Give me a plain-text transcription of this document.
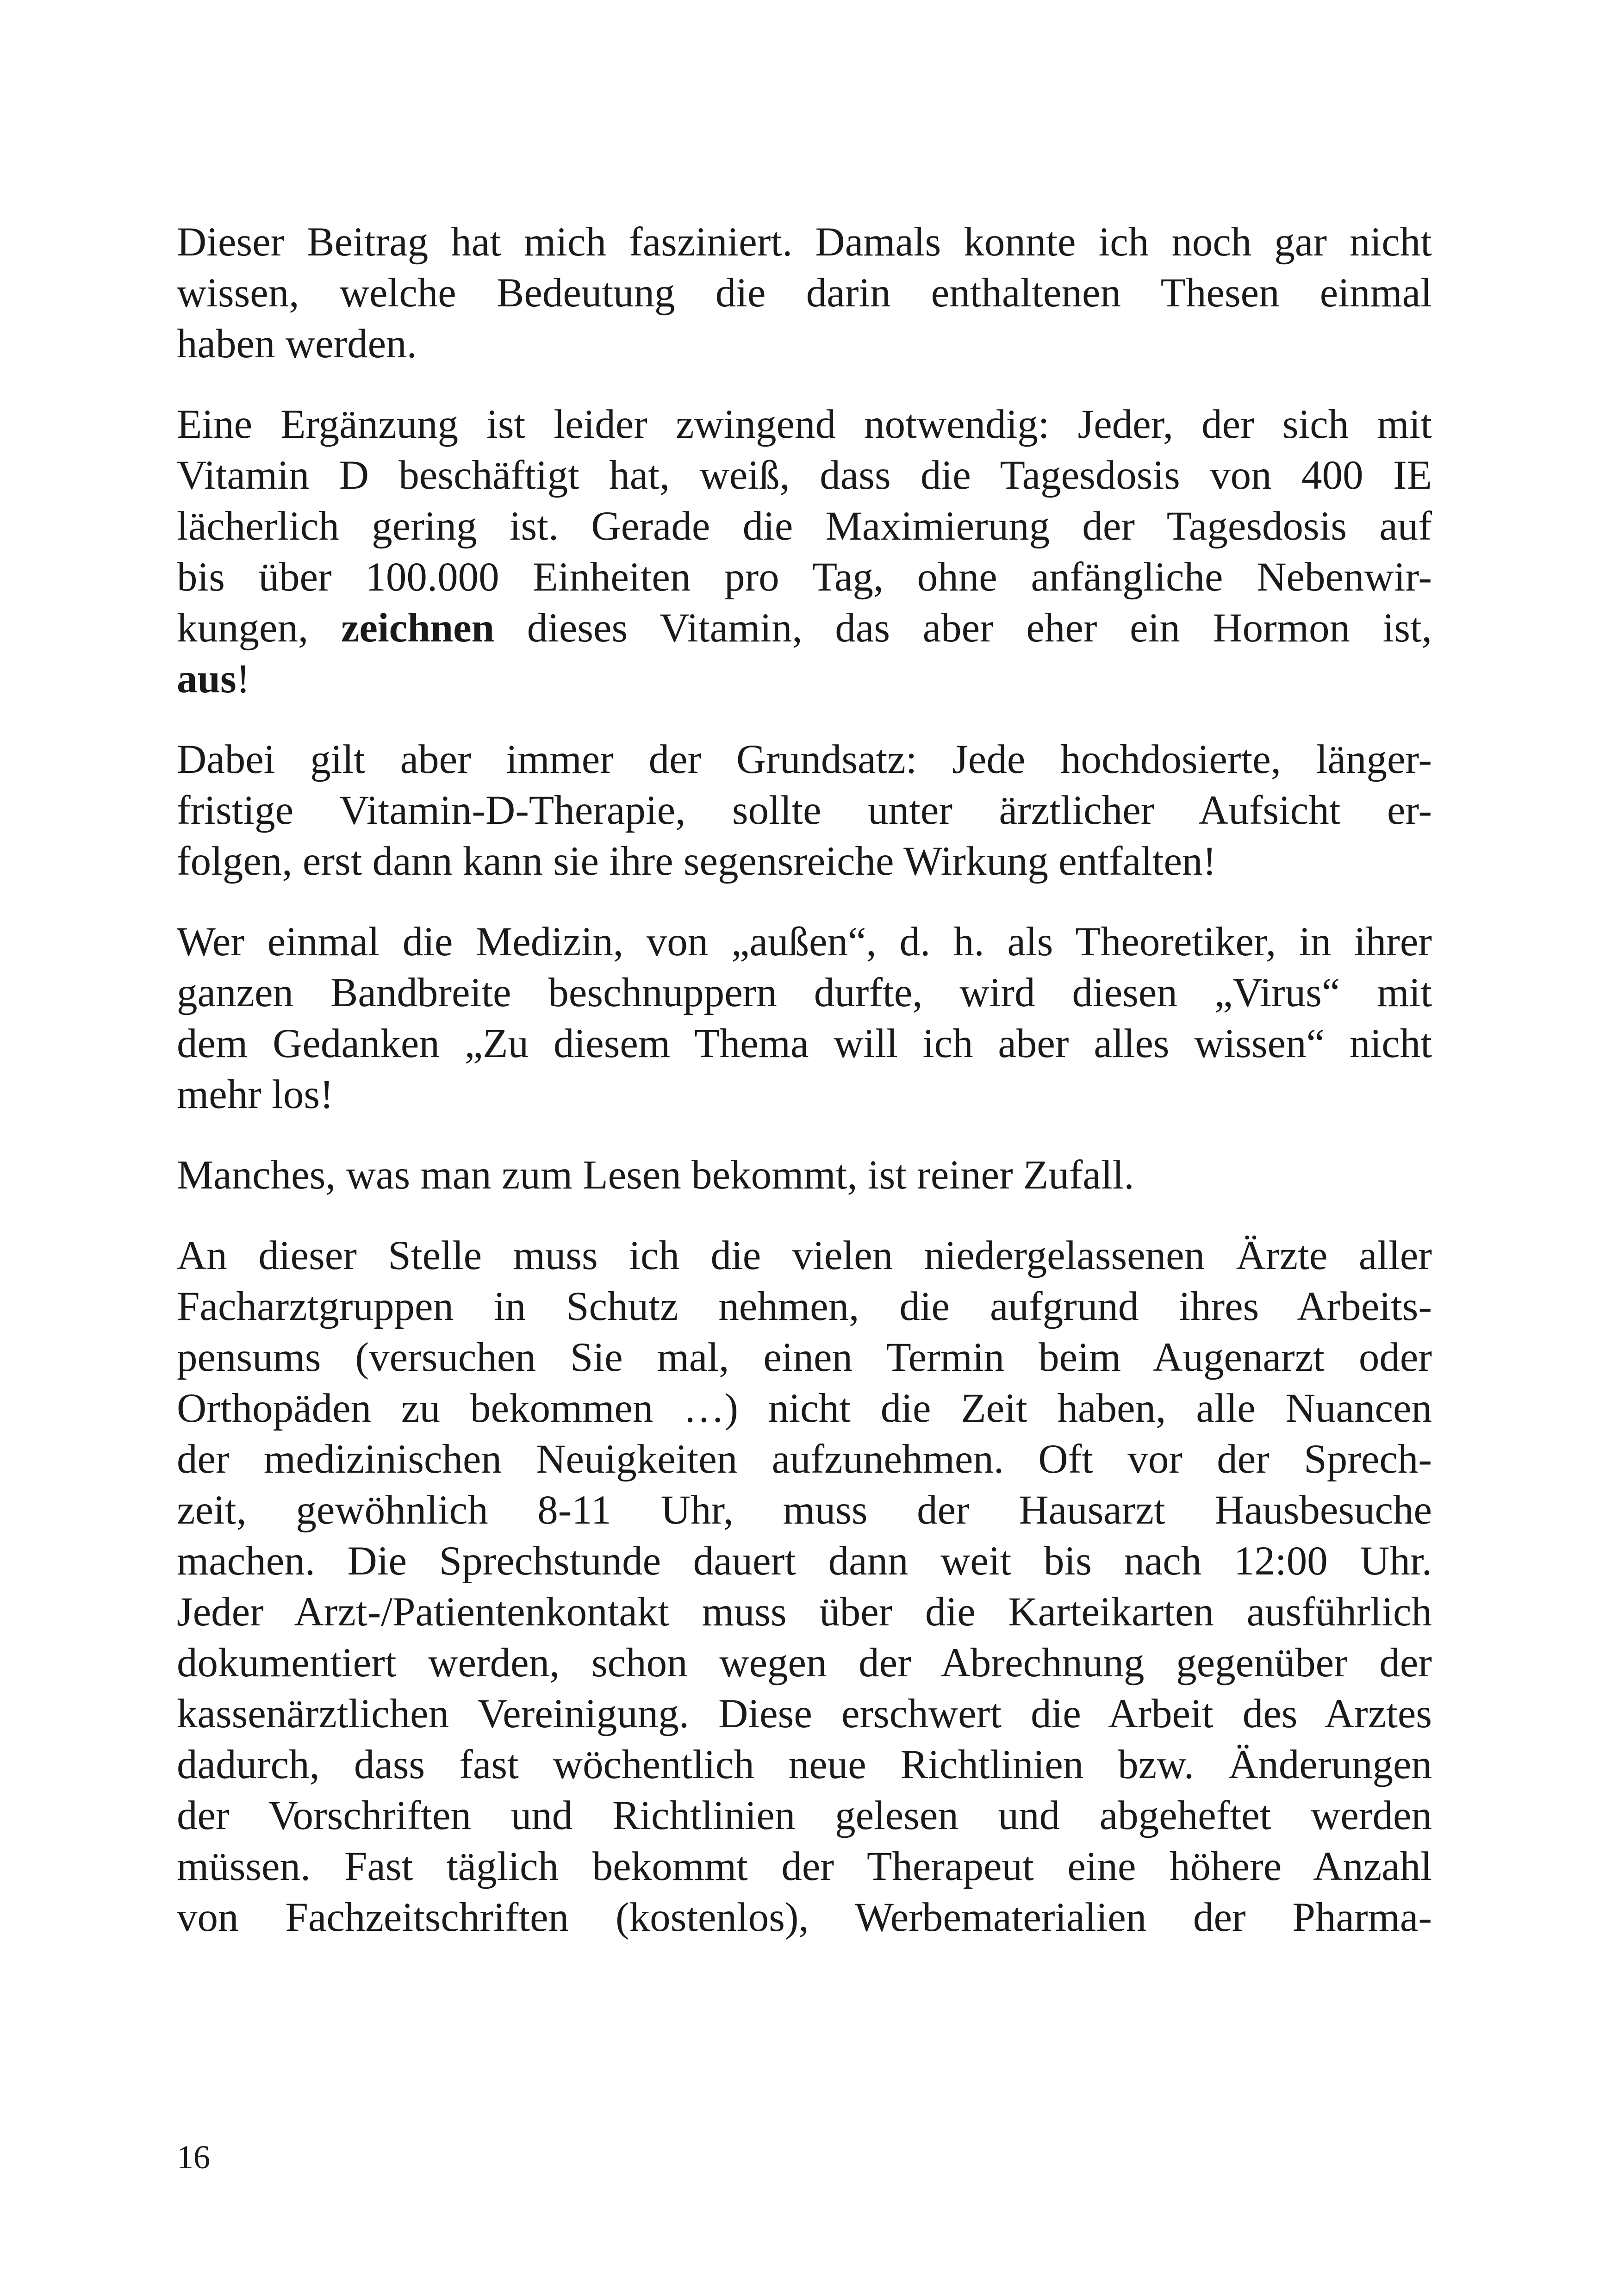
Dieser Beitrag hat mich fasziniert. Damals konnte ich noch gar nicht
wissen, welche Bedeutung die darin enthaltenen Thesen einmal
haben werden.

Eine Ergänzung ist leider zwingend notwendig: Jeder, der sich mit
Vitamin D beschäftigt hat, weiß, dass die Tagesdosis von 400 IE
lächerlich gering ist. Gerade die Maximierung der Tagesdosis auf
bis über 100.000 Einheiten pro Tag, ohne anfängliche Nebenwir-
kungen, zeichnen dieses Vitamin, das aber eher ein Hormon ist,
aus!

Dabei gilt aber immer der Grundsatz: Jede hochdosierte, länger-
fristige Vitamin-D-Therapie, sollte unter ärztlicher Aufsicht er-
folgen, erst dann kann sie ihre segensreiche Wirkung entfalten!

Wer einmal die Medizin, von „außen“, d. h. als Theoretiker, in ihrer
ganzen Bandbreite beschnuppern durfte, wird diesen „Virus“ mit
dem Gedanken „Zu diesem Thema will ich aber alles wissen“ nicht
mehr los!

Manches, was man zum Lesen bekommt, ist reiner Zufall.

An dieser Stelle muss ich die vielen niedergelassenen Ärzte aller
Facharztgruppen in Schutz nehmen, die aufgrund ihres Arbeits-
pensums (versuchen Sie mal, einen Termin beim Augenarzt oder
Orthopäden zu bekommen …) nicht die Zeit haben, alle Nuancen
der medizinischen Neuigkeiten aufzunehmen. Oft vor der Sprech-
zeit, gewöhnlich 8-11 Uhr, muss der Hausarzt Hausbesuche
machen. Die Sprechstunde dauert dann weit bis nach 12:00 Uhr.
Jeder Arzt-/Patientenkontakt muss über die Karteikarten ausführlich
dokumentiert werden, schon wegen der Abrechnung gegenüber der
kassenärztlichen Vereinigung. Diese erschwert die Arbeit des Arztes
dadurch, dass fast wöchentlich neue Richtlinien bzw. Änderungen
der Vorschriften und Richtlinien gelesen und abgeheftet werden
müssen. Fast täglich bekommt der Therapeut eine höhere Anzahl
von Fachzeitschriften (kostenlos), Werbematerialien der Pharma-

16
